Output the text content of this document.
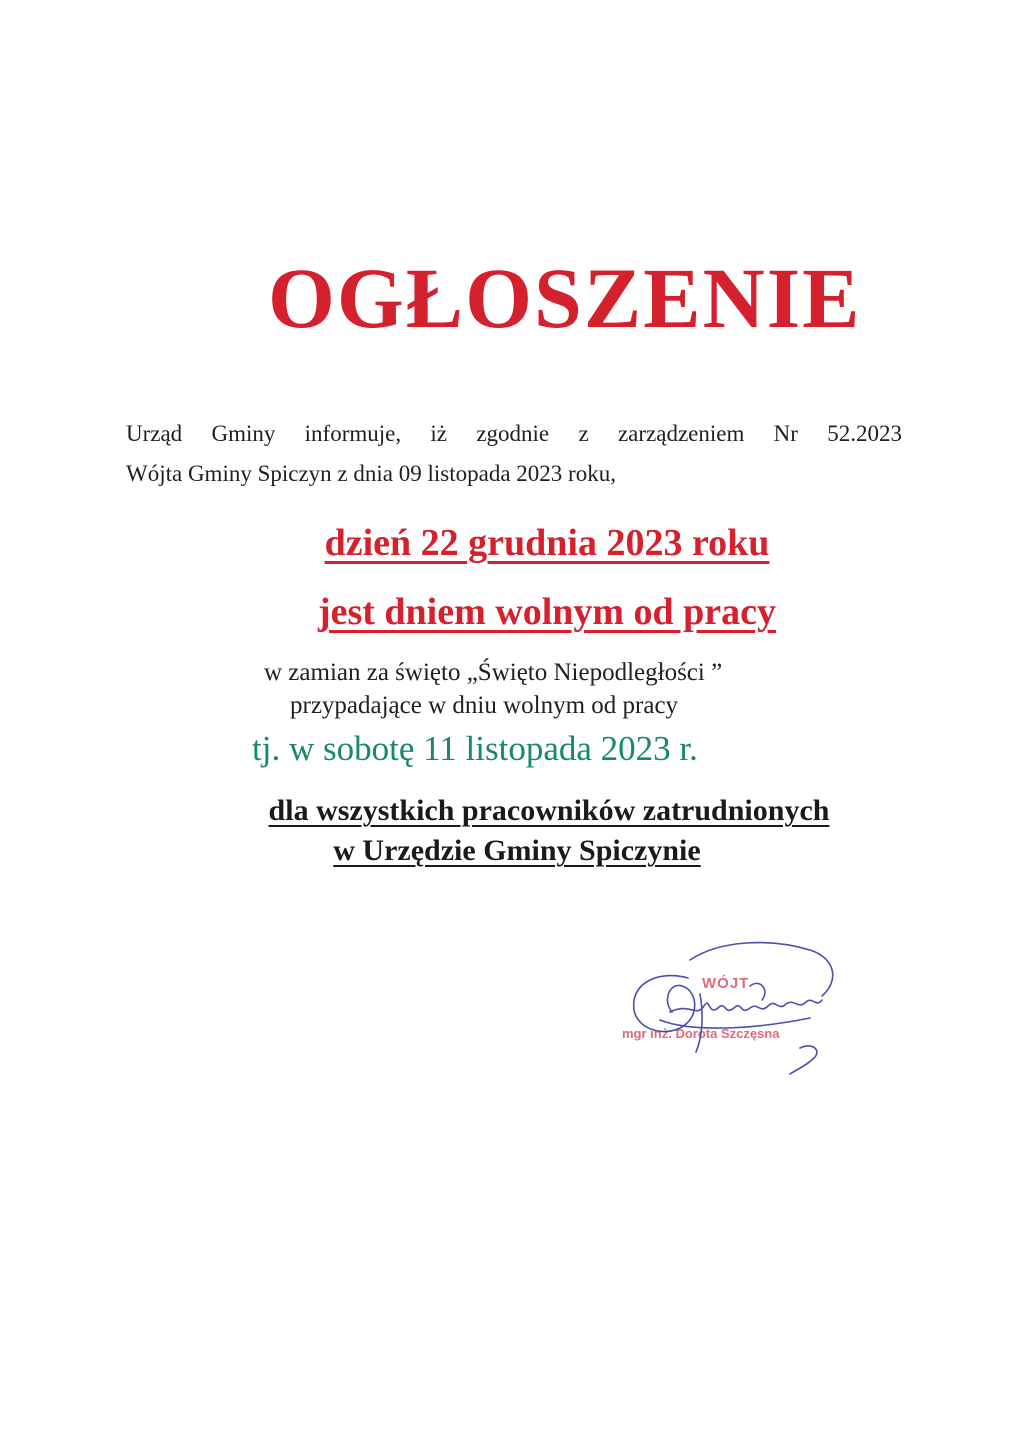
OGŁOSZENIE
Urząd Gminy informuje, iż zgodnie z zarządzeniem Nr 52.2023
Wójta Gminy Spiczyn z dnia 09 listopada 2023 roku,
dzień 22 grudnia 2023 roku
jest dniem wolnym od pracy
w zamian za święto „Święto Niepodległości ”
przypadające w dniu wolnym od pracy
tj. w sobotę 11 listopada 2023 r.
dla wszystkich pracowników zatrudnionych
w Urzędzie Gminy Spiczynie
WÓJT
mgr inż. Dorota Szczęsna
